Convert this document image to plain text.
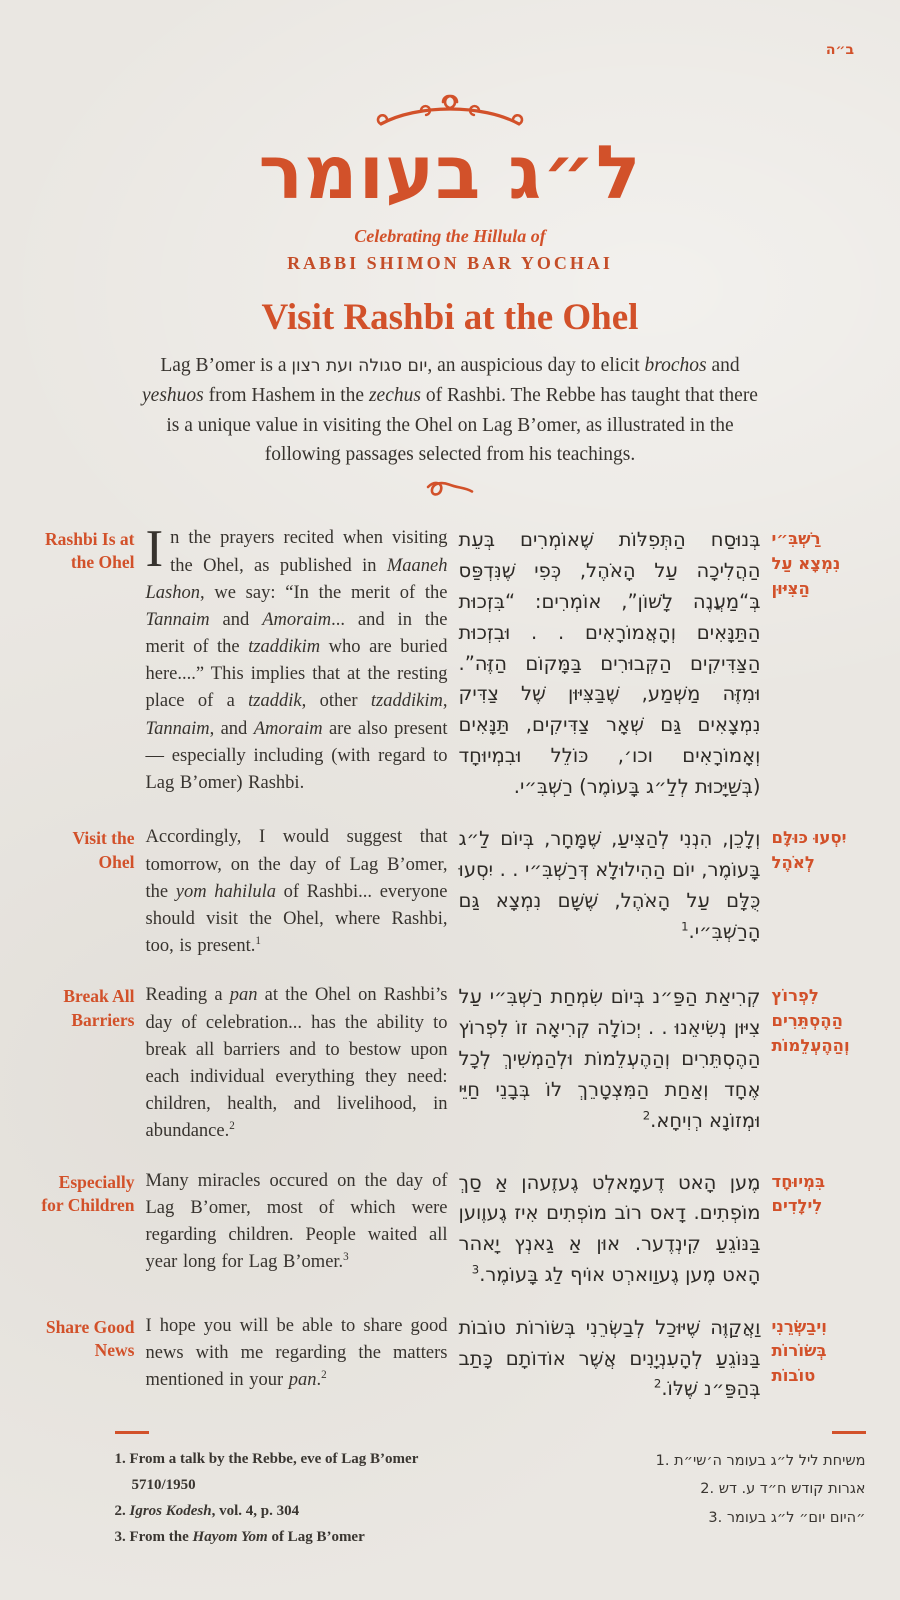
ב״ה
ל״ג בעומר
Celebrating the Hillula of
RABBI SHIMON BAR YOCHAI
Visit Rashbi at the Ohel

Lag B’omer is a יום סגולה ועת רצון, an auspicious day to elicit brochos and yeshuos from Hashem in the zechus of Rashbi. The Rebbe has taught that there is a unique value in visiting the Ohel on Lag B’omer, as illustrated in the following passages selected from his teachings.

Rashbi Is at the Ohel In the prayers recited when visiting the Ohel, as published in Maaneh Lashon, we say: “In the merit of the Tannaim and Amoraim... and in the merit of the tzaddikim who are buried here....” This implies that at the resting place of a tzaddik, other tzaddikim, Tannaim, and Amoraim are also present— especially including (with regard to Lag B’omer) Rashbi.

בְּנוּסַח הַתְּפִלּוֹת שֶׁאוֹמְרִים בְּעֵת הַהֲלִיכָה עַל הָאֹהֶל, כְּפִי שֶׁנִּדְפַּס בְּ“מַעֲנֶה לָשׁוֹן”, אוֹמְרִים: “בִּזְכוּת הַתַּנָּאִים וְהָאֲמוֹרָאִים . . וּבִזְכוּת הַצַּדִּיקִים הַקְּבוּרִים בַּמָּקוֹם הַזֶּה”. וּמִזֶּה מַשְׁמַע, שֶׁבַּצִּיּוּן שֶׁל צַדִּיק נִמְצָאִים גַּם שְׁאָר צַדִּיקִים, תַּנָּאִים וְאָמוֹרָאִים וכו׳, כּוֹלֵל וּבִמְיוּחָד (בְּשַׁיָּכוּת לְלַ״ג בָּעוֹמֶר) רַשְׁבִּ״י.

רַשְׁבִּ״י נִמְצָא עַל הַצִּיּוּן
Visit the Ohel

Accordingly, I would suggest that tomorrow, on the day of Lag B’omer, the yom hahilula of Rashbi... everyone should visit the Ohel, where Rashbi, too, is present.$^1$

וְלָכֵן, הִנְנִי לְהַצִּיעַ, שֶׁמָּחָר, בְּיוֹם לַ״ג בָּעוֹמֶר, יוֹם הַהִילוּלָא דְּרַשְׁבִּ״י . . יִסְעוּ כֻּלָּם עַל הָאֹהֶל, שֶׁשָּׁם נִמְצָא גַּם הָרַשְׁבִּ״י.$^1$

יִסְעוּ כּוּלָּם לְאֹהֶל
Break All Barriers

Reading a pan at the Ohel on Rashbi’s day of celebration... has the ability to break all barriers and to bestow upon each individual everything they need: children, health, and livelihood, in abundance.$^2$

קְרִיאַת הַפַּ״נ בְּיוֹם שִׂמְחַת רַשְׁבִּ״י עַל צִיּוּן נְשִׂיאֵנוּ . . יְכוֹלָה קְרִיאָה זוֹ לִפְרוֹץ הַהֶסְתֵּרִים וְהַהֶעְלֵמוֹת וּלְהַמְשִׁיךְ לְכָל אֶחָד וְאַחַת הַמִּצְטָרֵךְ לוֹ בְּבָנֵי חַיֵּי וּמְזוֹנָא רְוִיחָא.$^2$

לִפְרוֹץ הַהֶסְתֵּרִים וְהַהֶעְלֵמוֹת
Especially for Children

Many miracles occured on the day of Lag B’omer, most of which were regarding children. People waited all year long for Lag B’omer.$^3$

מֶען הָאט דֶעמָאלְט גֶעזֶעהן אַ סַךְ מוֹפְתִים. דָאס רוֹב מוֹפְתִים אִיז גֶעוֶוען בַּנּוֹגֵעַ קִינְדֶער. אוּן אַ גַאנְץ יָאהר הָאט מֶען גֶעוַוארְט אוֹיף לַג בָּעוֹמֶר.$^3$

בִּמְיוּחָד לִילָדִים
Share Good News

I hope you will be able to share good news with me regarding the matters mentioned in your pan.$^2$

וַאֲקַוֶּה שֶׁיּוּכַל לְבַשְּׂרֵנִי בְּשׂוֹרוֹת טוֹבוֹת בַּנּוֹגֵעַ לְהָעִנְיָנִים אֲשֶׁר אוֹדוֹתָם כָּתַב בְּהַפַּ״נ שֶׁלּוֹ.$^2$

וִיבַשְּׂרֵנִי בְּשׂוֹרוֹת טוֹבוֹת

1. From a talk by the Rebbe, eve of Lag B’omer 5710/1950

2. Igros Kodesh, vol. 4, p. 304

3. From the Hayom Yom of Lag B’omer

1. משיחת ליל ל״ג בעומר ה׳שי״ת

2. אגרות קודש ח״ד ע. דש

3. ״היום יום״ ל״ג בעומר
